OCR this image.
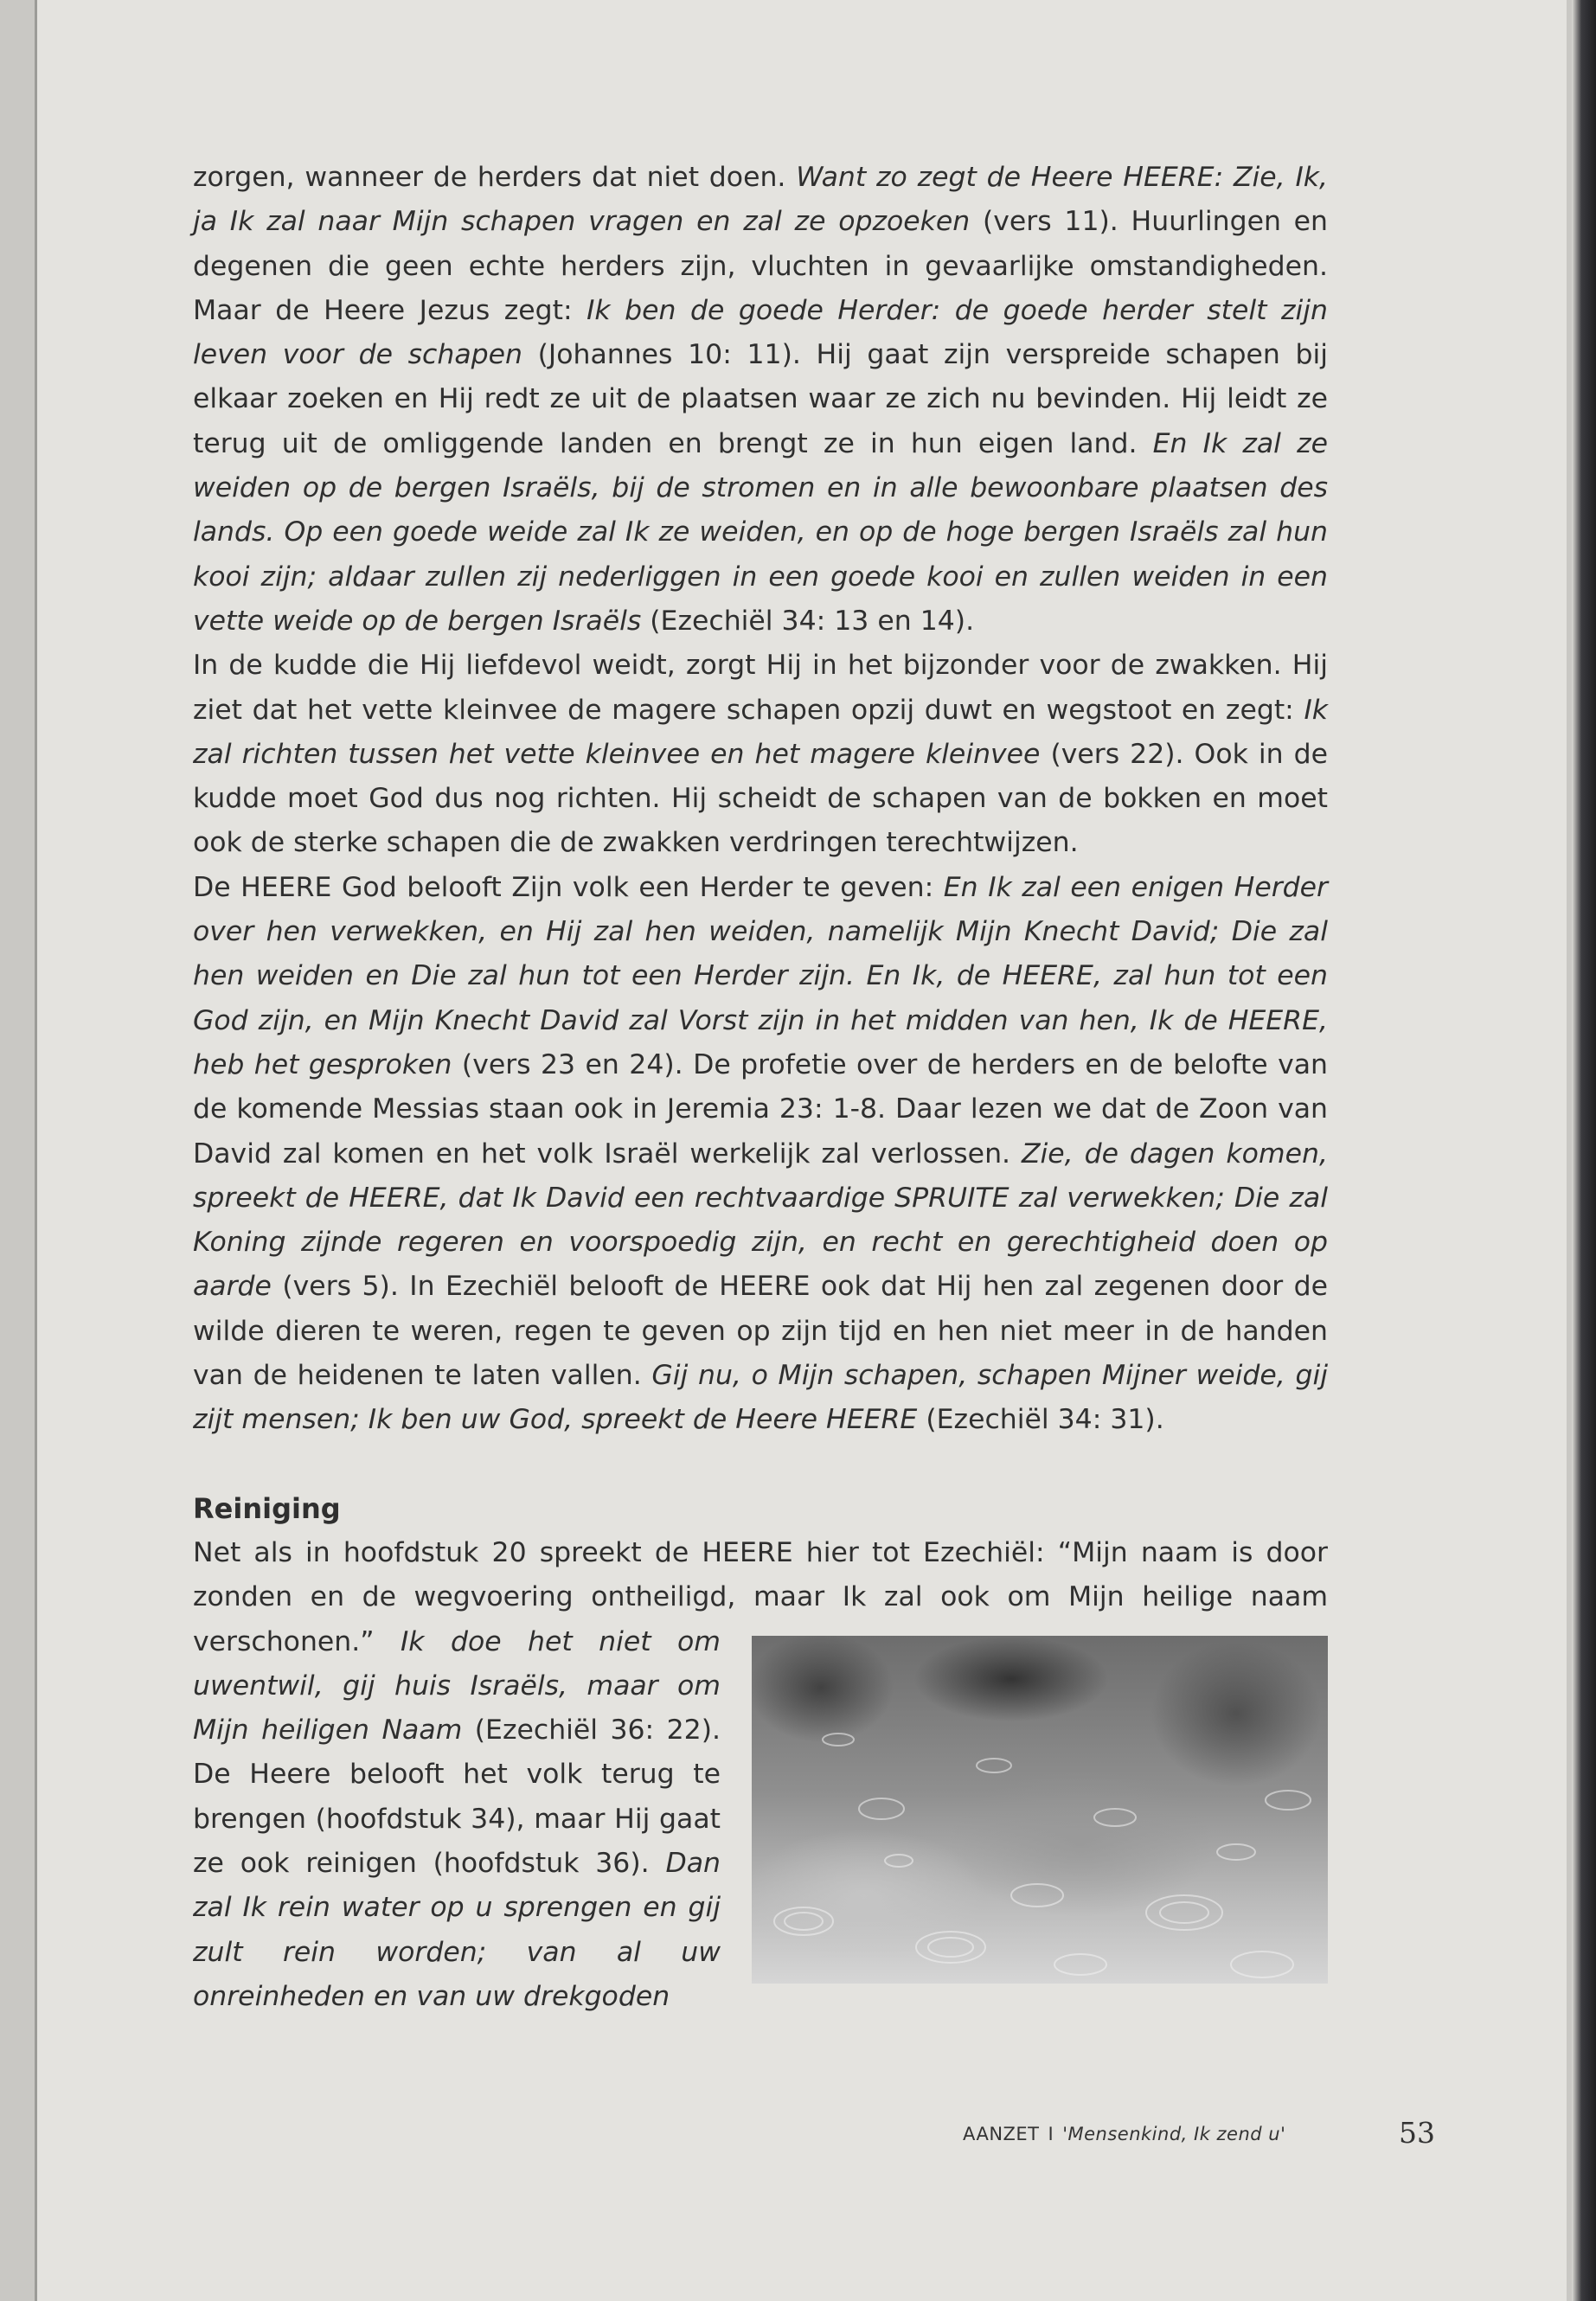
zorgen, wanneer de herders dat niet doen. Want zo zegt de Heere HEERE: Zie, Ik, ja Ik zal naar Mijn schapen vragen en zal ze opzoeken (vers 11). Huurlingen en degenen die geen echte herders zijn, vluchten in gevaarlijke omstandigheden. Maar de Heere Jezus zegt: Ik ben de goede Herder: de goede herder stelt zijn leven voor de schapen (Johannes 10: 11). Hij gaat zijn verspreide schapen bij elkaar zoeken en Hij redt ze uit de plaatsen waar ze zich nu bevinden. Hij leidt ze terug uit de omliggende landen en brengt ze in hun eigen land. En Ik zal ze weiden op de bergen Israëls, bij de stromen en in alle bewoonbare plaatsen des lands. Op een goede weide zal Ik ze weiden, en op de hoge bergen Israëls zal hun kooi zijn; aldaar zullen zij nederliggen in een goede kooi en zullen weiden in een vette weide op de bergen Israëls (Ezechiël 34: 13 en 14).

In de kudde die Hij liefdevol weidt, zorgt Hij in het bijzonder voor de zwakken. Hij ziet dat het vette kleinvee de magere schapen opzij duwt en wegstoot en zegt: Ik zal richten tussen het vette kleinvee en het magere kleinvee (vers 22). Ook in de kudde moet God dus nog richten. Hij scheidt de schapen van de bokken en moet ook de sterke schapen die de zwakken verdringen terechtwijzen.

De HEERE God belooft Zijn volk een Herder te geven: En Ik zal een enigen Herder over hen verwekken, en Hij zal hen weiden, namelijk Mijn Knecht David; Die zal hen weiden en Die zal hun tot een Herder zijn. En Ik, de HEERE, zal hun tot een God zijn, en Mijn Knecht David zal Vorst zijn in het midden van hen, Ik de HEERE, heb het gesproken (vers 23 en 24). De profetie over de herders en de belofte van de komende Messias staan ook in Jeremia 23: 1-8. Daar lezen we dat de Zoon van David zal komen en het volk Israël werkelijk zal verlossen. Zie, de dagen komen, spreekt de HEERE, dat Ik David een rechtvaardige SPRUITE zal verwekken; Die zal Koning zijnde regeren en voorspoedig zijn, en recht en gerechtigheid doen op aarde (vers 5). In Ezechiël belooft de HEERE ook dat Hij hen zal zegenen door de wilde dieren te weren, regen te geven op zijn tijd en hen niet meer in de handen van de heidenen te laten vallen. Gij nu, o Mijn schapen, schapen Mijner weide, gij zijt mensen; Ik ben uw God, spreekt de Heere HEERE (Ezechiël 34: 31).

Reiniging

Net als in hoofdstuk 20 spreekt de HEERE hier tot Ezechiël: “Mijn naam is door zonden en de wegvoering ontheiligd, maar Ik zal ook om Mijn heilige naam verschonen.”
Ik doe het niet om uwentwil, gij huis Israëls, maar om Mijn heiligen Naam (Ezechiël 36: 22). De Heere belooft het volk terug te brengen (hoofdstuk 34), maar Hij gaat ze ook reinigen (hoofdstuk 36). Dan zal Ik rein water op u sprengen en gij zult rein worden; van al uw onreinheden en van uw drekgoden

AANZET I 'Mensenkind, Ik zend u'	53
